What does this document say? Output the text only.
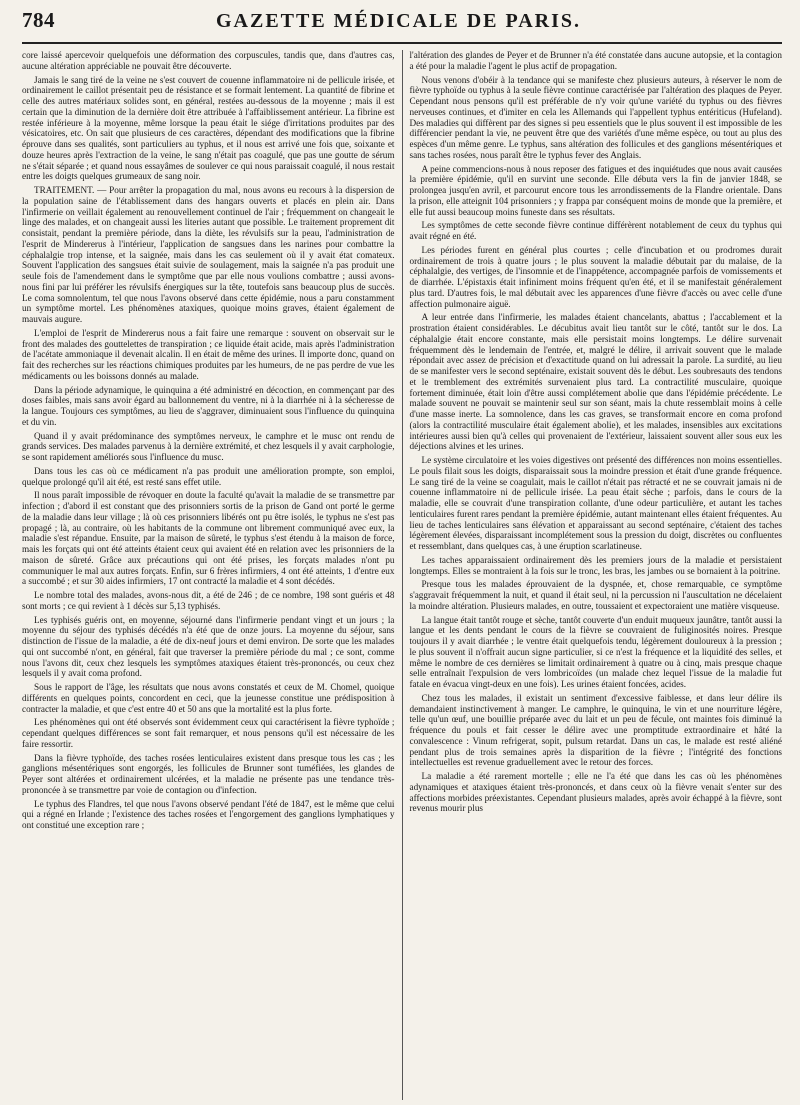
784	GAZETTE MÉDICALE DE PARIS.

core laissé apercevoir quelquefois une déformation des corpuscules, tandis que, dans d'autres cas, aucune altération appréciable ne pouvait être découverte.

Jamais le sang tiré de la veine ne s'est couvert de couenne inflammatoire ni de pellicule irisée, et ordinairement le caillot présentait peu de résistance et se formait lentement. La quantité de fibrine et celle des autres matériaux solides sont, en général, restées au-dessous de la moyenne ; mais il est certain que la diminution de la dernière doit être attribuée à l'affaiblissement antérieur. La fibrine est restée inférieure à la moyenne, même lorsque la peau était le siége d'irritations produites par des vésicatoires, etc. On sait que plusieurs de ces caractères, dépendant des modifications que la fibrine éprouve dans ses qualités, sont particuliers au typhus, et il nous est arrivé une fois que, soixante et douze heures après l'extraction de la veine, le sang n'était pas coagulé, que pas une goutte de sérum ne s'était séparée ; et quand nous essayâmes de soulever ce qui nous paraissait coagulé, il nous restait entre les doigts quelques grumeaux de sang noir.

TRAITEMENT. — Pour arrêter la propagation du mal, nous avons eu recours à la dispersion de la population saine de l'établissement dans des hangars ouverts et placés en plein air. Dans l'infirmerie on veillait également au renouvellement continuel de l'air ; fréquemment on changeait le linge des malades, et on changeait aussi les literies autant que possible. Le traitement proprement dit consistait, pendant la première période, dans la diète, les révulsifs sur la peau, l'administration de l'esprit de Mindererus à l'intérieur, l'application de sangsues dans les narines pour combattre la céphalalgie trop intense, et la saignée, mais dans les cas seulement où il y avait état comateux. Souvent l'application des sangsues était suivie de soulagement, mais la saignée n'a pas produit une seule fois de l'amendement dans le symptôme que par elle nous voulions combattre ; aussi avons-nous fini par lui préférer les révulsifs énergiques sur la tête, toutefois sans beaucoup plus de succès. Le coma somnolentum, tel que nous l'avons observé dans cette épidémie, nous a paru constamment un symptôme mortel. Les phénomènes ataxiques, quoique moins graves, étaient également de mauvais augure.

L'emploi de l'esprit de Mindererus nous a fait faire une remarque : souvent on observait sur le front des malades des gouttelettes de transpiration ; ce liquide était acide, mais après l'administration de l'acétate ammoniaque il devenait alcalin. Il en était de même des urines. Il importe donc, quand on fait des recherches sur les réactions chimiques produites par les humeurs, de ne pas perdre de vue les médicaments ou les boissons donnés au malade.

Dans la période adynamique, le quinquina a été administré en décoction, en commençant par des doses faibles, mais sans avoir égard au ballonnement du ventre, ni à la diarrhée ni à la sécheresse de la langue. Toujours ces symptômes, au lieu de s'aggraver, diminuaient sous l'influence du quinquina et du vin.

Quand il y avait prédominance des symptômes nerveux, le camphre et le musc ont rendu de grands services. Des malades parvenus à la dernière extrémité, et chez lesquels il y avait carphologie, se sont rapidement améliorés sous l'influence du musc.

Dans tous les cas où ce médicament n'a pas produit une amélioration prompte, son emploi, quelque prolongé qu'il ait été, est resté sans effet utile.

Il nous paraît impossible de révoquer en doute la faculté qu'avait la maladie de se transmettre par infection ; d'abord il est constant que des prisonniers sortis de la prison de Gand ont porté le germe de la maladie dans leur village ; là où ces prisonniers libérés ont pu être isolés, le typhus ne s'est pas propagé ; là, au contraire, où les habitants de la commune ont librement communiqué avec eux, la maladie s'est répandue. Ensuite, par la maison de sûreté, le typhus s'est étendu à la maison de force, mais les forçats qui ont été atteints étaient ceux qui avaient été en relation avec les prisonniers de la maison de sûreté. Grâce aux précautions qui ont été prises, les forçats malades n'ont pu communiquer le mal aux autres forçats. Enfin, sur 6 frères infirmiers, 4 ont été atteints, 1 d'entre eux a succombé ; et sur 30 aides infirmiers, 17 ont contracté la maladie et 4 sont décédés.

Le nombre total des malades, avons-nous dit, a été de 246 ; de ce nombre, 198 sont guéris et 48 sont morts ; ce qui revient à 1 décès sur 5,13 typhisés.

Les typhisés guéris ont, en moyenne, séjourné dans l'infirmerie pendant vingt et un jours ; la moyenne du séjour des typhisés décédés n'a été que de onze jours. La moyenne du séjour, sans distinction de l'issue de la maladie, a été de dix-neuf jours et demi environ. De sorte que les malades qui ont succombé n'ont, en général, fait que traverser la première période du mal ; ce sont, comme nous l'avons dit, ceux chez lesquels les symptômes ataxiques étaient très-prononcés, ou ceux chez lesquels il y avait coma profond.

Sous le rapport de l'âge, les résultats que nous avons constatés et ceux de M. Chomel, quoique différents en quelques points, concordent en ceci, que la jeunesse constitue une prédisposition à contracter la maladie, et que c'est entre 40 et 50 ans que la mortalité est la plus forte.

Les phénomènes qui ont été observés sont évidemment ceux qui caractérisent la fièvre typhoïde ; cependant quelques différences se sont fait remarquer, et nous pensons qu'il est nécessaire de les faire ressortir.

Dans la fièvre typhoïde, des taches rosées lenticulaires existent dans presque tous les cas ; les ganglions mésentériques sont engorgés, les follicules de Brunner sont tuméfiées, les glandes de Peyer sont altérées et ordinairement ulcérées, et la maladie ne présente pas une tendance très-prononcée à se transmettre par voie de contagion ou d'infection.

Le typhus des Flandres, tel que nous l'avons observé pendant l'été de 1847, est le même que celui qui a régné en Irlande ; l'existence des taches rosées et l'engorgement des ganglions lymphatiques y ont constitué une exception rare ;

l'altération des glandes de Peyer et de Brunner n'a été constatée dans aucune autopsie, et la contagion a été pour la maladie l'agent le plus actif de propagation.

Nous venons d'obéir à la tendance qui se manifeste chez plusieurs auteurs, à réserver le nom de fièvre typhoïde ou typhus à la seule fièvre continue caractérisée par l'altération des plaques de Peyer. Cependant nous pensons qu'il est préférable de n'y voir qu'une variété du typhus ou des fièvres nerveuses continues, et d'imiter en cela les Allemands qui l'appellent typhus entériticus (Hufeland). Des maladies qui diffèrent par des signes si peu essentiels que le plus souvent il est impossible de les différencier pendant la vie, ne peuvent être que des variétés d'une même espèce, ou tout au plus des espèces d'un même genre. Le typhus, sans altération des follicules et des ganglions mésentériques et sans taches rosées, nous paraît être le typhus fever des Anglais.

A peine commencions-nous à nous reposer des fatigues et des inquiétudes que nous avait causées la première épidémie, qu'il en survint une seconde. Elle débuta vers la fin de janvier 1848, se prolongea jusqu'en avril, et parcourut encore tous les arrondissements de la Flandre orientale. Dans la prison, elle atteignit 104 prisonniers ; y frappa par conséquent moins de monde que la première, et elle fut aussi beaucoup moins funeste dans ses résultats.

Les symptômes de cette seconde fièvre continue différèrent notablement de ceux du typhus qui avait régné en été.

Les périodes furent en général plus courtes ; celle d'incubation et ou prodromes durait ordinairement de trois à quatre jours ; le plus souvent la maladie débutait par du malaise, de la céphalalgie, des vertiges, de l'insomnie et de l'inappétence, accompagnée parfois de vomissements et de diarrhée. L'épistaxis était infiniment moins fréquent qu'en été, et il se manifestait généralement plus tard. D'autres fois, le mal débutait avec les apparences d'une fièvre d'accès ou avec celle d'une affection pulmonaire aiguë.

A leur entrée dans l'infirmerie, les malades étaient chancelants, abattus ; l'accablement et la prostration étaient considérables. Le décubitus avait lieu tantôt sur le côté, tantôt sur le dos. La céphalalgie était encore constante, mais elle persistait moins longtemps. Le délire survenait fréquemment dès le lendemain de l'entrée, et, malgré le délire, il arrivait souvent que le malade répondait avec assez de précision et d'exactitude quand on lui adressait la parole. La surdité, au lieu de se manifester vers le second septénaire, existait souvent dès le début. Les soubresauts des tendons et le tremblement des extrémités survenaient plus tard. La contractilité musculaire, quoique fortement diminuée, était loin d'être aussi complétement abolie que dans l'épidémie précédente. Le malade souvent ne pouvait se maintenir seul sur son séant, mais la chute ressemblait moins à celle d'une masse inerte. La somnolence, dans les cas graves, se transformait encore en coma profond (alors la contractilité musculaire était également abolie), et les malades, insensibles aux excitations intérieures aussi bien qu'à celles qui provenaient de l'extérieur, laissaient souvent aller sous eux les déjections alvines et les urines.

Le système circulatoire et les voies digestives ont présenté des différences non moins essentielles. Le pouls filait sous les doigts, disparaissait sous la moindre pression et était d'une grande fréquence. Le sang tiré de la veine se coagulait, mais le caillot n'était pas rétracté et ne se couvrait jamais ni de couenne inflammatoire ni de pellicule irisée. La peau était sèche ; parfois, dans le cours de la maladie, elle se couvrait d'une transpiration collante, d'une odeur particulière, et autant les taches lenticulaires furent rares pendant la première épidémie, autant maintenant elles étaient fréquentes. Au lieu de taches lenticulaires sans élévation et apparaissant au second septénaire, c'étaient des taches légèrement élevées, disparaissant incomplétement sous la pression du doigt, discrètes ou confluentes et ressemblant, dans quelques cas, à une éruption scarlatineuse.

Les taches apparaissaient ordinairement dès les premiers jours de la maladie et persistaient longtemps. Elles se montraient à la fois sur le tronc, les bras, les jambes ou se bornaient à la poitrine.

Presque tous les malades éprouvaient de la dyspnée, et, chose remarquable, ce symptôme s'aggravait fréquemment la nuit, et quand il était seul, ni la percussion ni l'auscultation ne décelaient la moindre altération. Plusieurs malades, en outre, toussaient et expectoraient une matière visqueuse.

La langue était tantôt rouge et sèche, tantôt couverte d'un enduit muqueux jaunâtre, tantôt aussi la langue et les dents pendant le cours de la fièvre se couvraient de fuliginosités noires. Presque toujours il y avait diarrhée ; le ventre était quelquefois tendu, légèrement douloureux à la pression ; le plus souvent il n'offrait aucun signe particulier, si ce n'est la fréquence et la liquidité des selles, et même le nombre de ces dernières se limitait ordinairement à quatre ou à cinq, mais presque chaque selle entraînait l'expulsion de vers lombricoïdes (un malade chez lequel l'issue de la maladie fut fatale en évacua vingt-deux en une fois). Les urines étaient foncées, acides.

Chez tous les malades, il existait un sentiment d'excessive faiblesse, et dans leur délire ils demandaient instinctivement à manger. Le camphre, le quinquina, le vin et une nourriture légère, telle qu'un œuf, une bouillie préparée avec du lait et un peu de fécule, ont maintes fois diminué la fréquence du pouls et fait cesser le délire avec une promptitude extraordinaire et hâté la convalescence : Vinum refrigerat, sopit, pulsum retardat. Dans un cas, le malade est resté aliéné pendant plus de trois semaines après la disparition de la fièvre ; l'intégrité des fonctions intellectuelles est revenue graduellement avec le retour des forces.

La maladie a été rarement mortelle ; elle ne l'a été que dans les cas où les phénomènes adynamiques et ataxiques étaient très-prononcés, et dans ceux où la fièvre venait s'enter sur des affections morbides préexistantes. Cependant plusieurs malades, après avoir échappé à la fièvre, sont revenus mourir plus
